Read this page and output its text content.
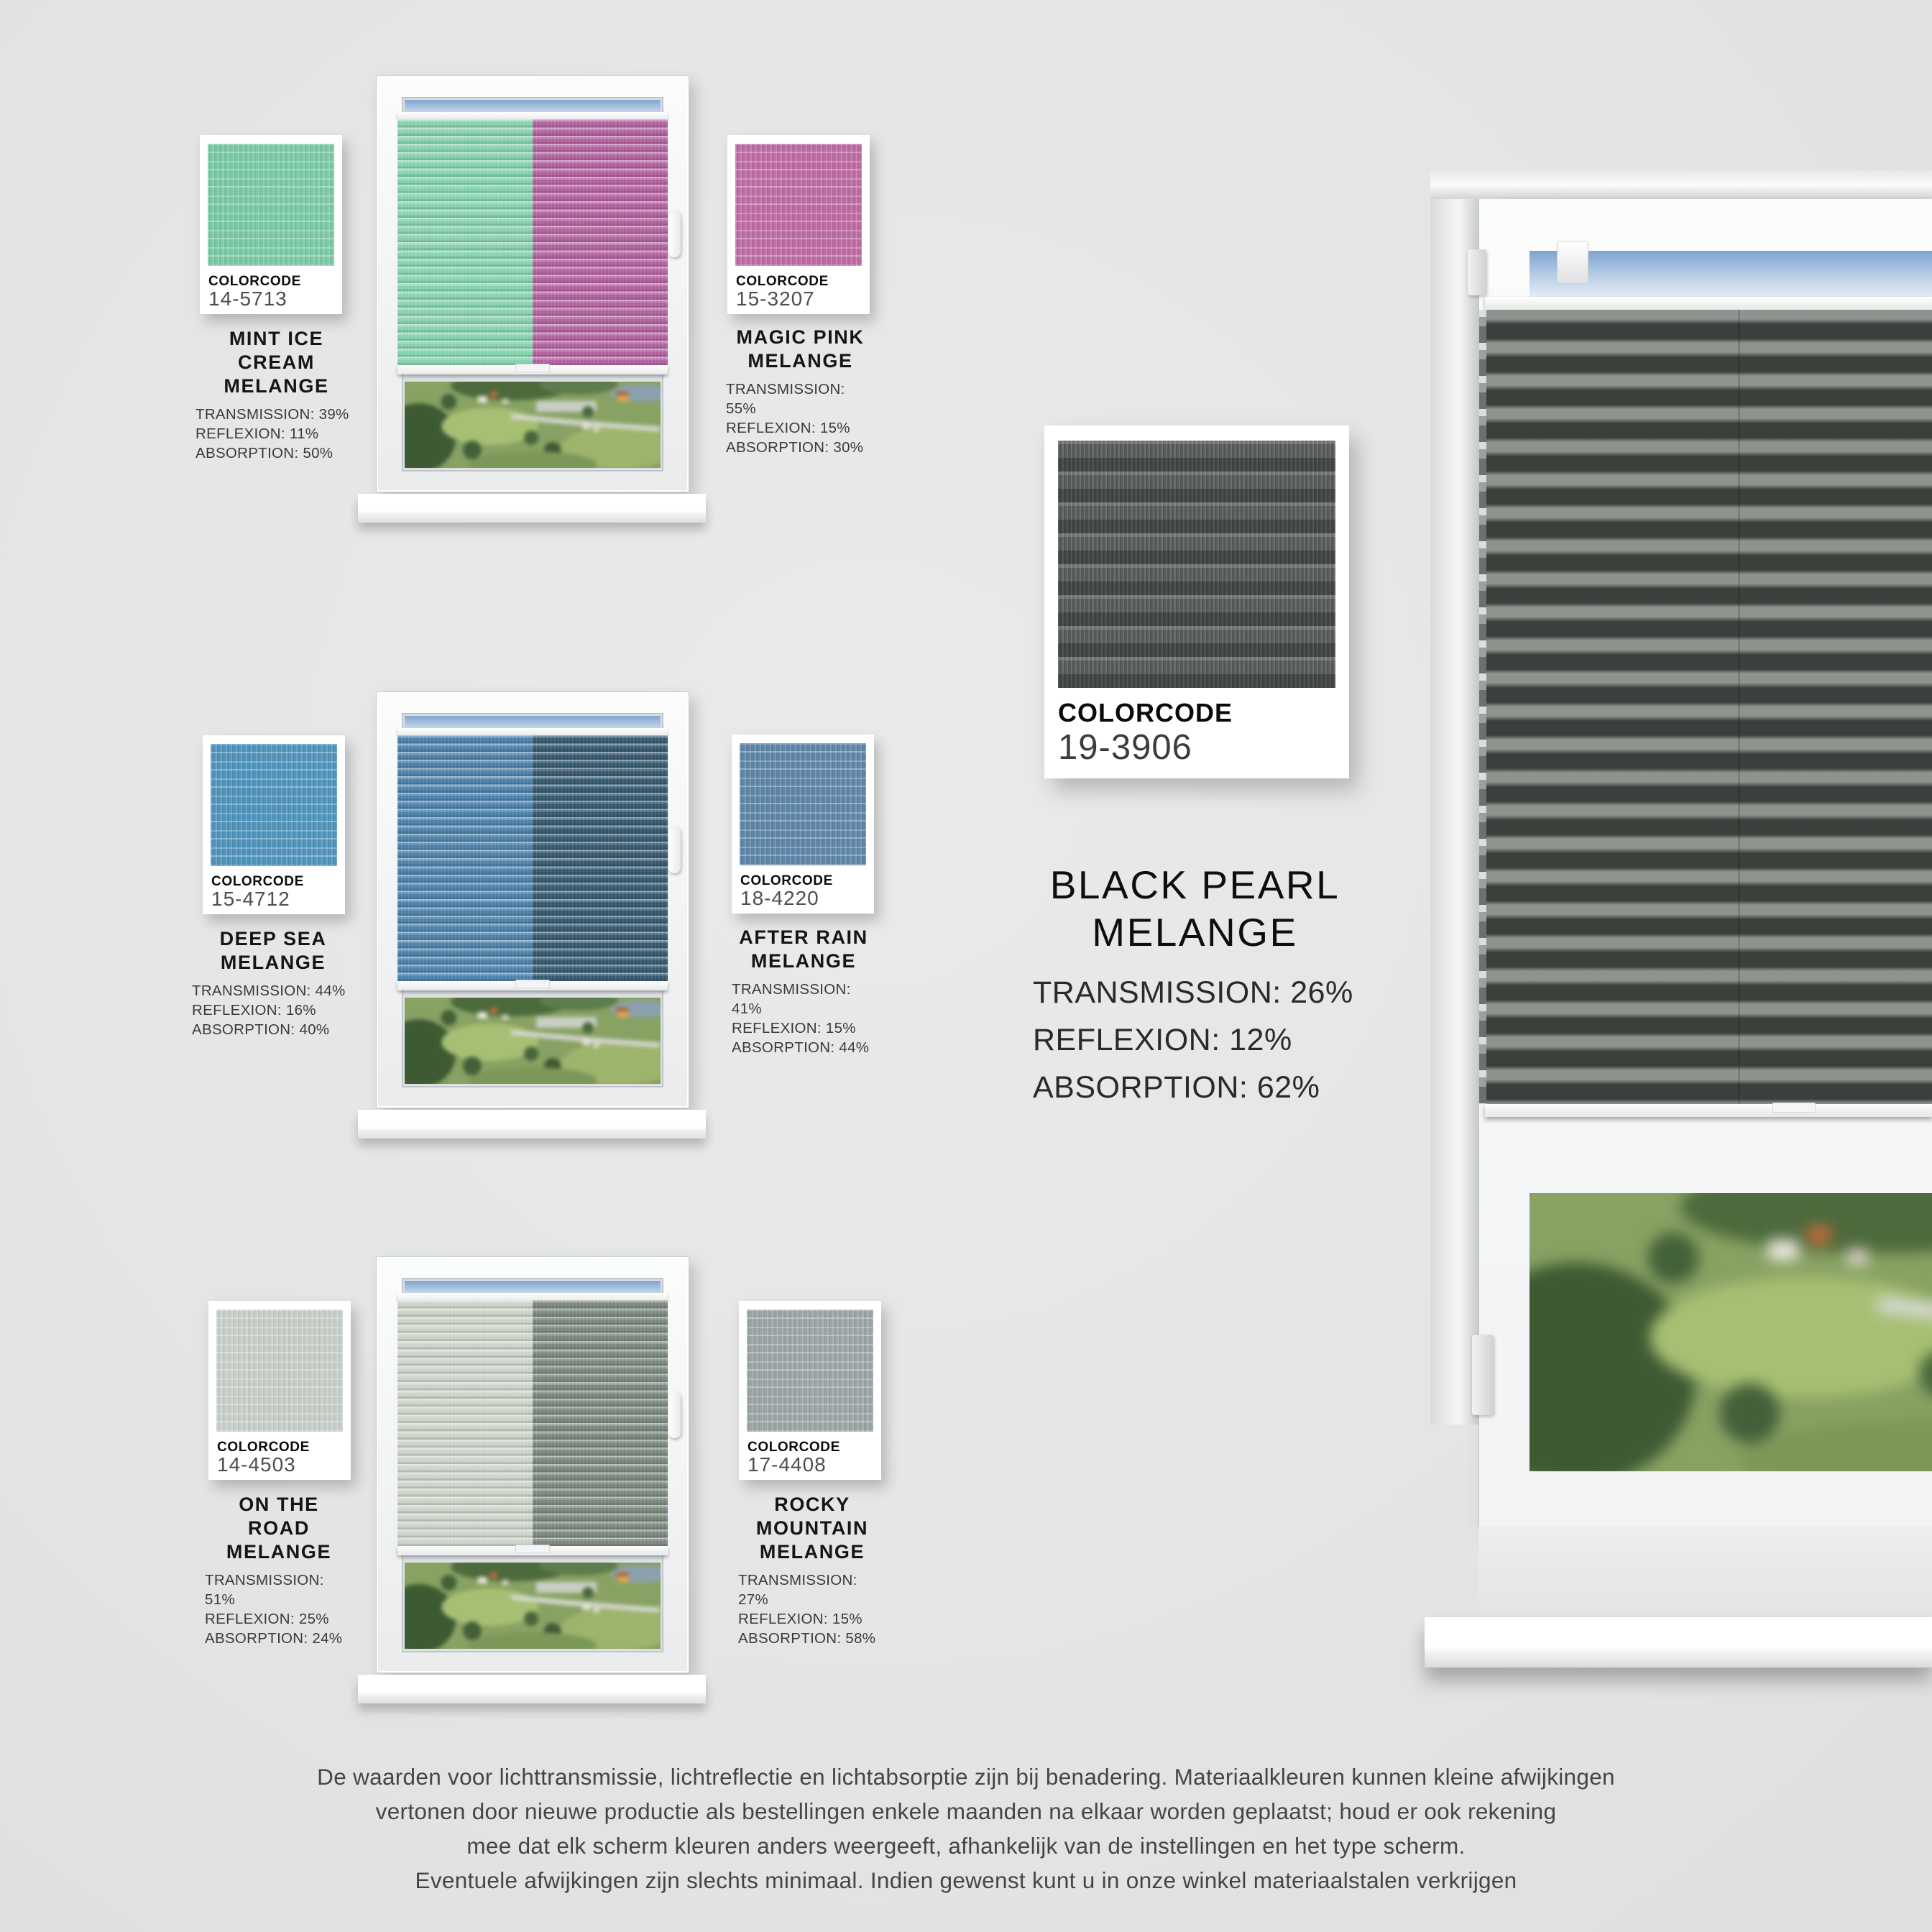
COLORCODE
14-5713
COLORCODE
15-3207
COLORCODE
15-4712
COLORCODE
18-4220
COLORCODE
14-4503
COLORCODE
17-4408
COLORCODE
19-3906
MINT ICE CREAM
MELANGE
TRANSMISSION: 39%
REFLEXION: 11%
ABSORPTION: 50%
MAGIC PINK
MELANGE
TRANSMISSION: 55%
REFLEXION: 15%
ABSORPTION: 30%
DEEP SEA
MELANGE
TRANSMISSION: 44%
REFLEXION: 16%
ABSORPTION: 40%
AFTER RAIN
MELANGE
TRANSMISSION: 41%
REFLEXION: 15%
ABSORPTION: 44%
ON THE ROAD
MELANGE
TRANSMISSION: 51%
REFLEXION: 25%
ABSORPTION: 24%
ROCKY MOUNTAIN
MELANGE
TRANSMISSION: 27%
REFLEXION: 15%
ABSORPTION: 58%
BLACK PEARL
MELANGE
TRANSMISSION: 26%
REFLEXION: 12%
ABSORPTION: 62%
De waarden voor lichttransmissie, lichtreflectie en lichtabsorptie zijn bij benadering. Materiaalkleuren kunnen kleine afwijkingen
vertonen door nieuwe productie als bestellingen enkele maanden na elkaar worden geplaatst; houd er ook rekening
mee dat elk scherm kleuren anders weergeeft, afhankelijk van de instellingen en het type scherm.
Eventuele afwijkingen zijn slechts minimaal. Indien gewenst kunt u in onze winkel materiaalstalen verkrijgen
